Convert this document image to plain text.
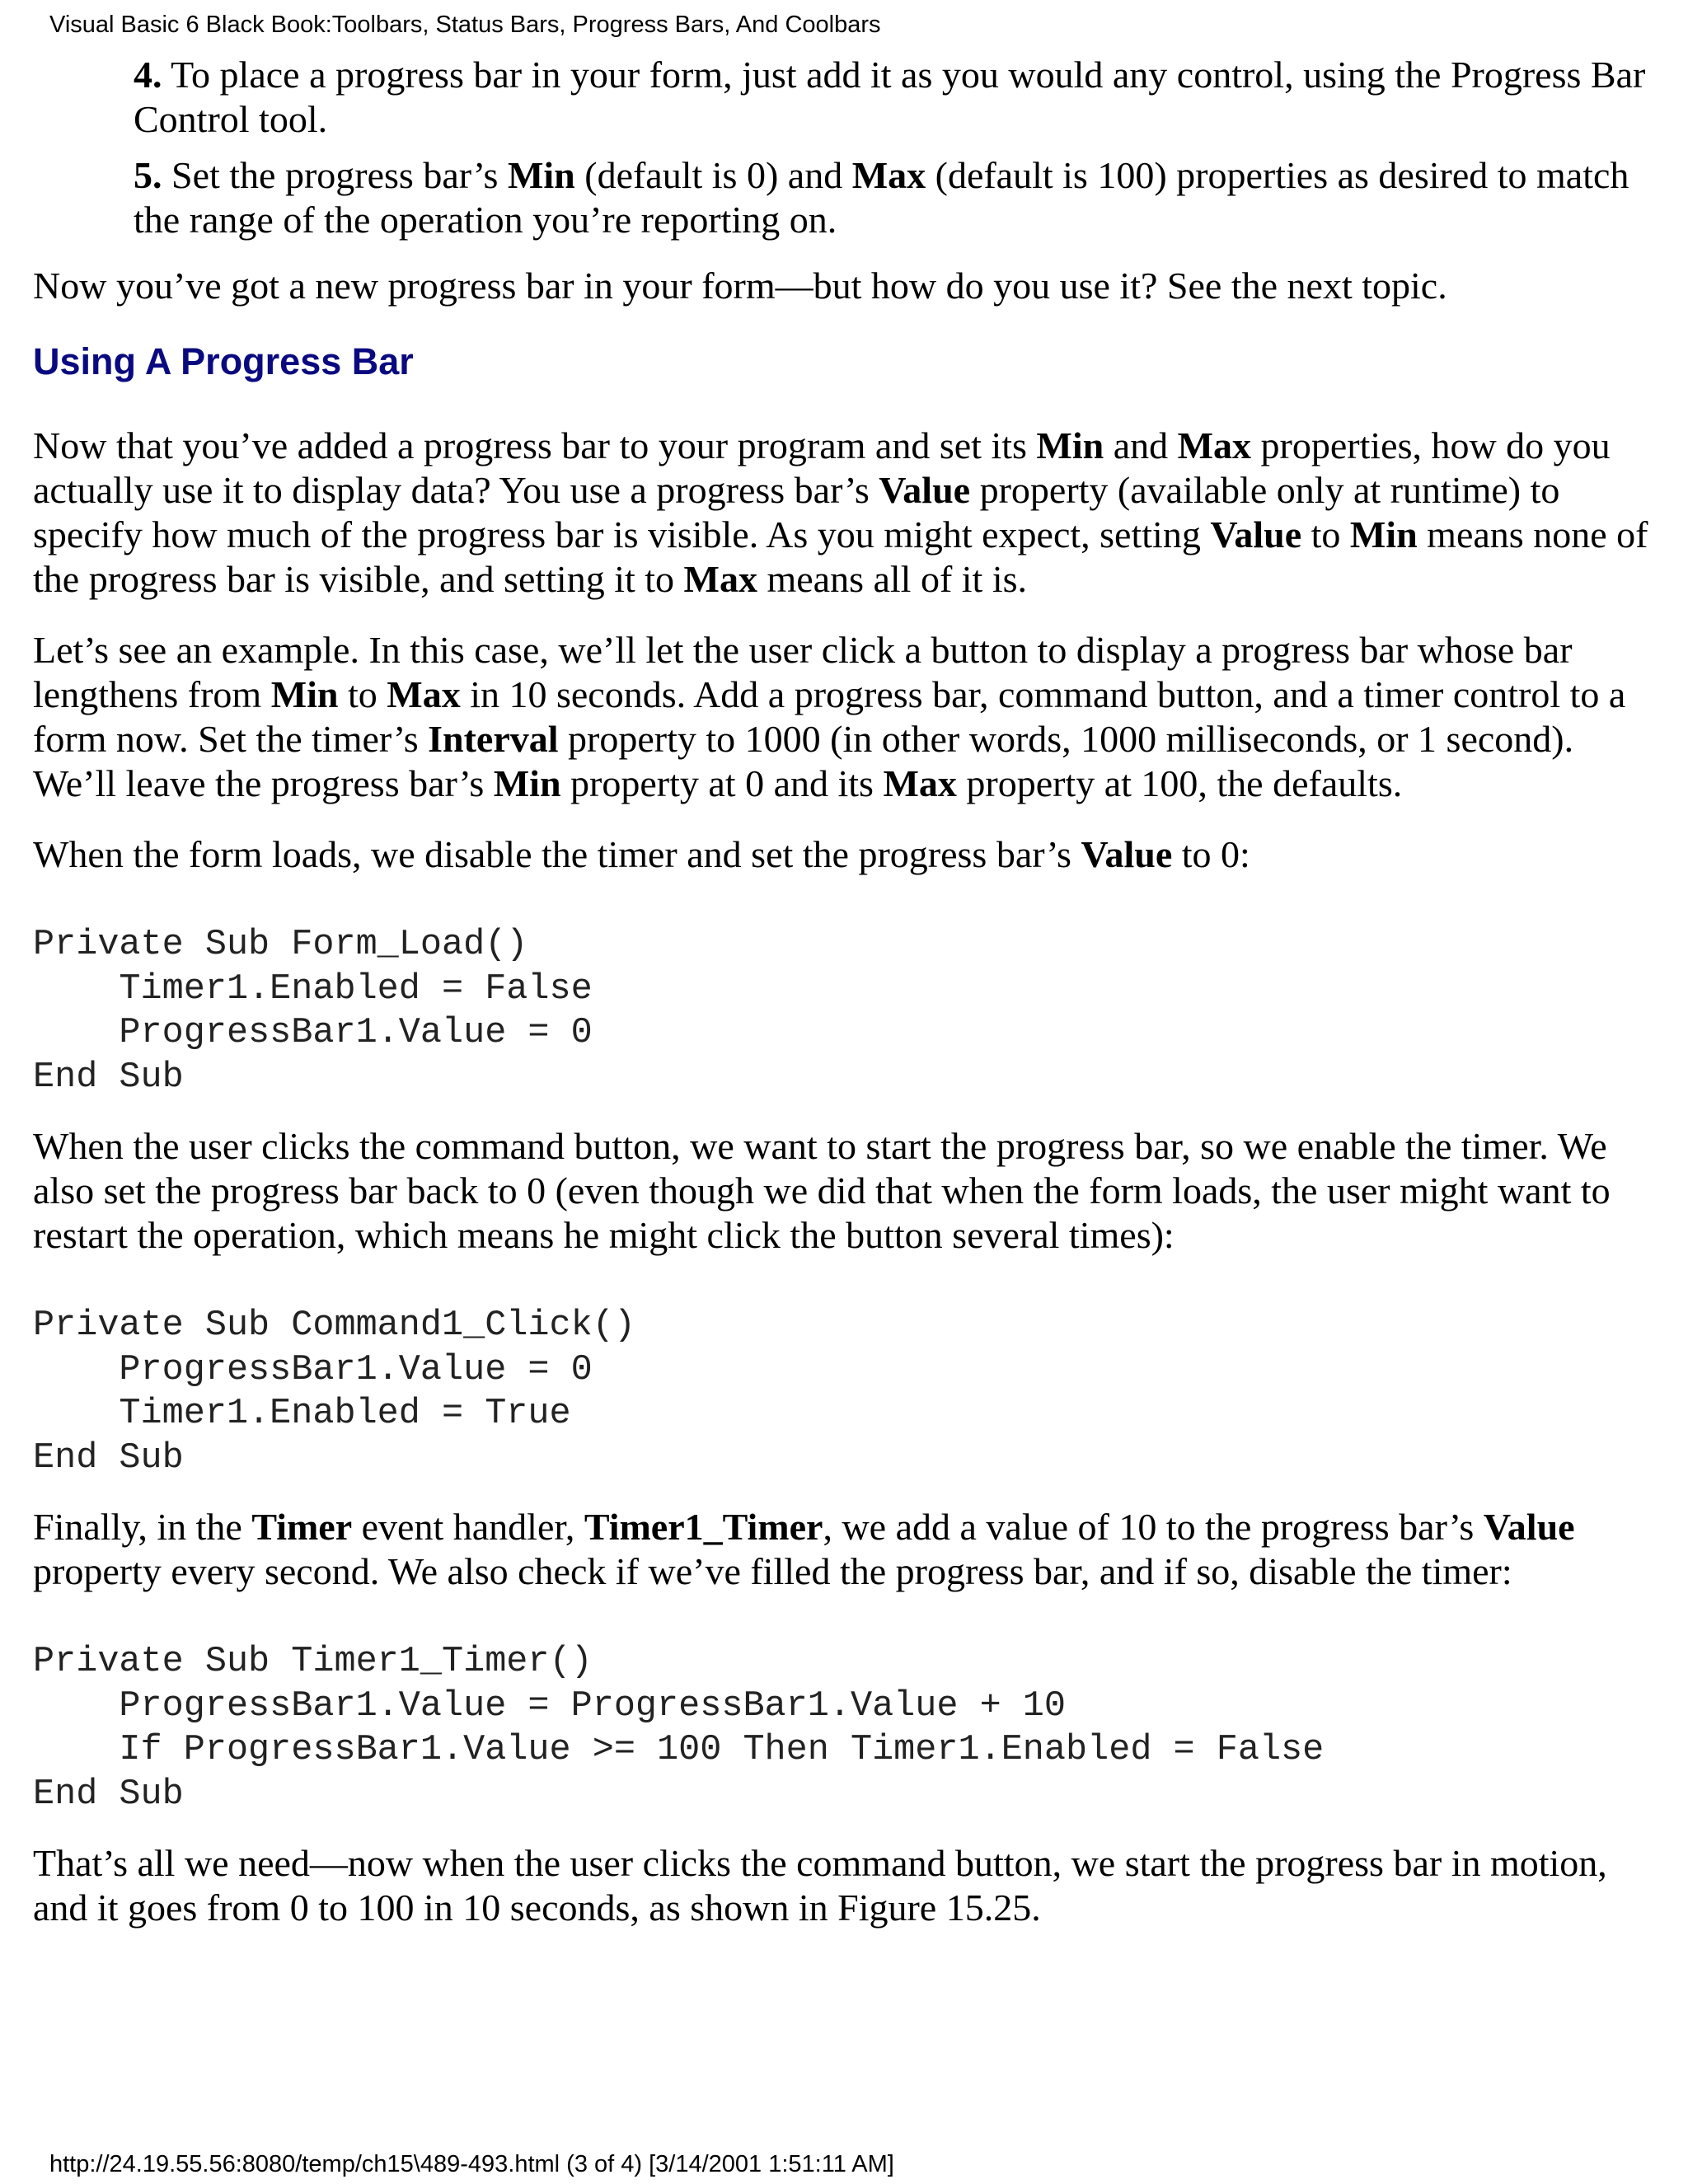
Visual Basic 6 Black Book:Toolbars, Status Bars, Progress Bars, And Coolbars

4. To place a progress bar in your form, just add it as you would any control, using the Progress Bar Control tool.

5. Set the progress bar’s Min (default is 0) and Max (default is 100) properties as desired to match the range of the operation you’re reporting on.

Now you’ve got a new progress bar in your form—but how do you use it? See the next topic.

Using A Progress Bar

Now that you’ve added a progress bar to your program and set its Min and Max properties, how do you actually use it to display data? You use a progress bar’s Value property (available only at runtime) to specify how much of the progress bar is visible. As you might expect, setting Value to Min means none of the progress bar is visible, and setting it to Max means all of it is.

Let’s see an example. In this case, we’ll let the user click a button to display a progress bar whose bar lengthens from Min to Max in 10 seconds. Add a progress bar, command button, and a timer control to a form now. Set the timer’s Interval property to 1000 (in other words, 1000 milliseconds, or 1 second). We’ll leave the progress bar’s Min property at 0 and its Max property at 100, the defaults.

When the form loads, we disable the timer and set the progress bar’s Value to 0:

Private Sub Form_Load()
Timer1.Enabled = False
ProgressBar1.Value = 0
End Sub

When the user clicks the command button, we want to start the progress bar, so we enable the timer. We also set the progress bar back to 0 (even though we did that when the form loads, the user might want to restart the operation, which means he might click the button several times):

Private Sub Command1_Click()
ProgressBar1.Value = 0
Timer1.Enabled = True
End Sub

Finally, in the Timer event handler, Timer1_Timer, we add a value of 10 to the progress bar’s Value property every second. We also check if we’ve filled the progress bar, and if so, disable the timer:

Private Sub Timer1_Timer()
ProgressBar1.Value = ProgressBar1.Value + 10
If ProgressBar1.Value >= 100 Then Timer1.Enabled = False
End Sub

That’s all we need—now when the user clicks the command button, we start the progress bar in motion, and it goes from 0 to 100 in 10 seconds, as shown in Figure 15.25.

http://24.19.55.56:8080/temp/ch15\489-493.html (3 of 4) [3/14/2001 1:51:11 AM]
